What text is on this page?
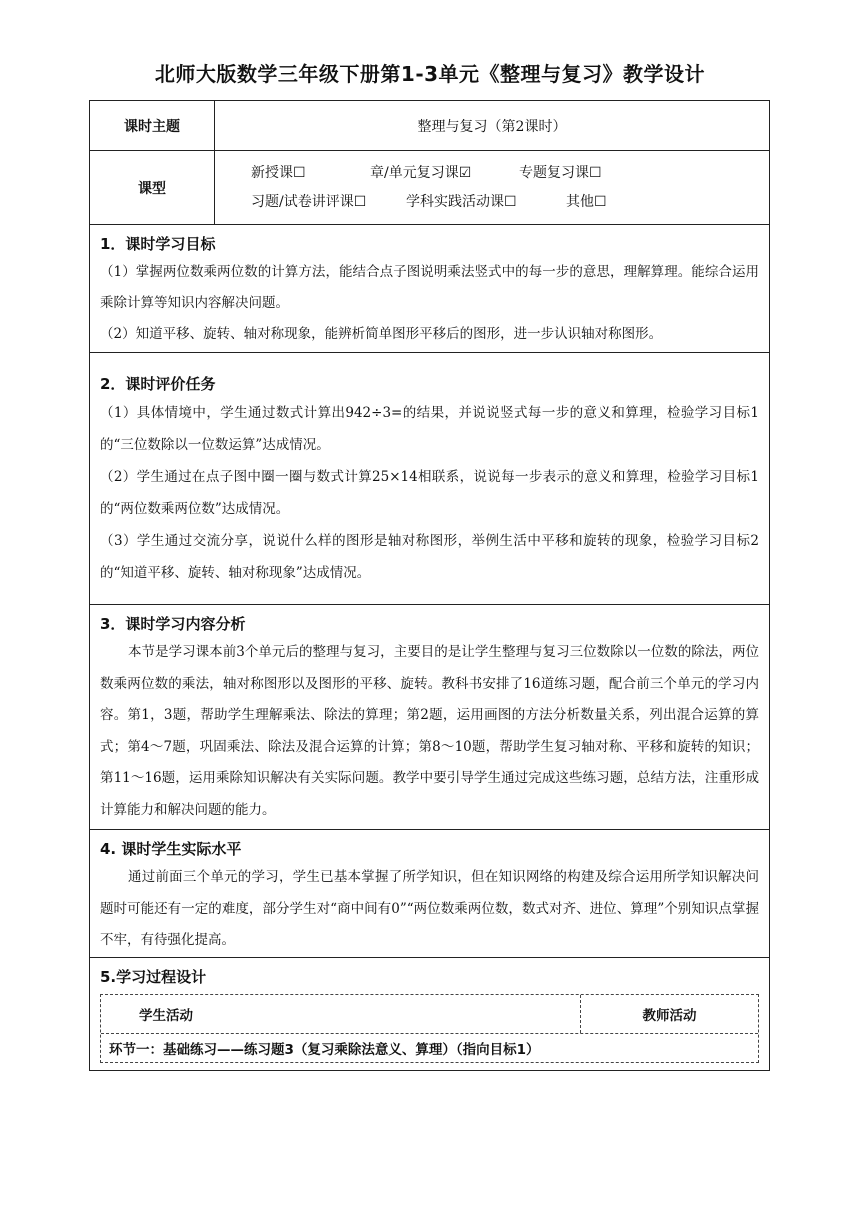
北师大版数学三年级下册第1-3单元《整理与复习》教学设计
课时主题	整理与复习（第2课时）
课型
新授课☐	章/单元复习课☑	专题复习课☐
习题/试卷讲评课☐	学科实践活动课☐	其他☐
1．课时学习目标

（1）掌握两位数乘两位数的计算方法，能结合点子图说明乘法竖式中的每一步的意思，理解算理。能综合运用乘除计算等知识内容解决问题。

（2）知道平移、旋转、轴对称现象，能辨析简单图形平移后的图形，进一步认识轴对称图形。

2．课时评价任务

（1）具体情境中，学生通过数式计算出942÷3=的结果，并说说竖式每一步的意义和算理，检验学习目标1的“三位数除以一位数运算”达成情况。

（2）学生通过在点子图中圈一圈与数式计算25×14相联系，说说每一步表示的意义和算理，检验学习目标1的“两位数乘两位数”达成情况。

（3）学生通过交流分享，说说什么样的图形是轴对称图形，举例生活中平移和旋转的现象，检验学习目标2的“知道平移、旋转、轴对称现象”达成情况。

3．课时学习内容分析

本节是学习课本前3个单元后的整理与复习，主要目的是让学生整理与复习三位数除以一位数的除法，两位数乘两位数的乘法，轴对称图形以及图形的平移、旋转。教科书安排了16道练习题，配合前三个单元的学习内容。第1，3题，帮助学生理解乘法、除法的算理；第2题，运用画图的方法分析数量关系，列出混合运算的算式；第4～7题，巩固乘法、除法及混合运算的计算；第8～10题，帮助学生复习轴对称、平移和旋转的知识；第11～16题，运用乘除知识解决有关实际问题。教学中要引导学生通过完成这些练习题，总结方法，注重形成计算能力和解决问题的能力。

4. 课时学生实际水平

通过前面三个单元的学习，学生已基本掌握了所学知识，但在知识网络的构建及综合运用所学知识解决问题时可能还有一定的难度，部分学生对“商中间有0”“两位数乘两位数，数式对齐、进位、算理”个别知识点掌握不牢，有待强化提高。

5.学习过程设计
学生活动	教师活动
环节一：基础练习——练习题3（复习乘除法意义、算理）（指向目标1）
